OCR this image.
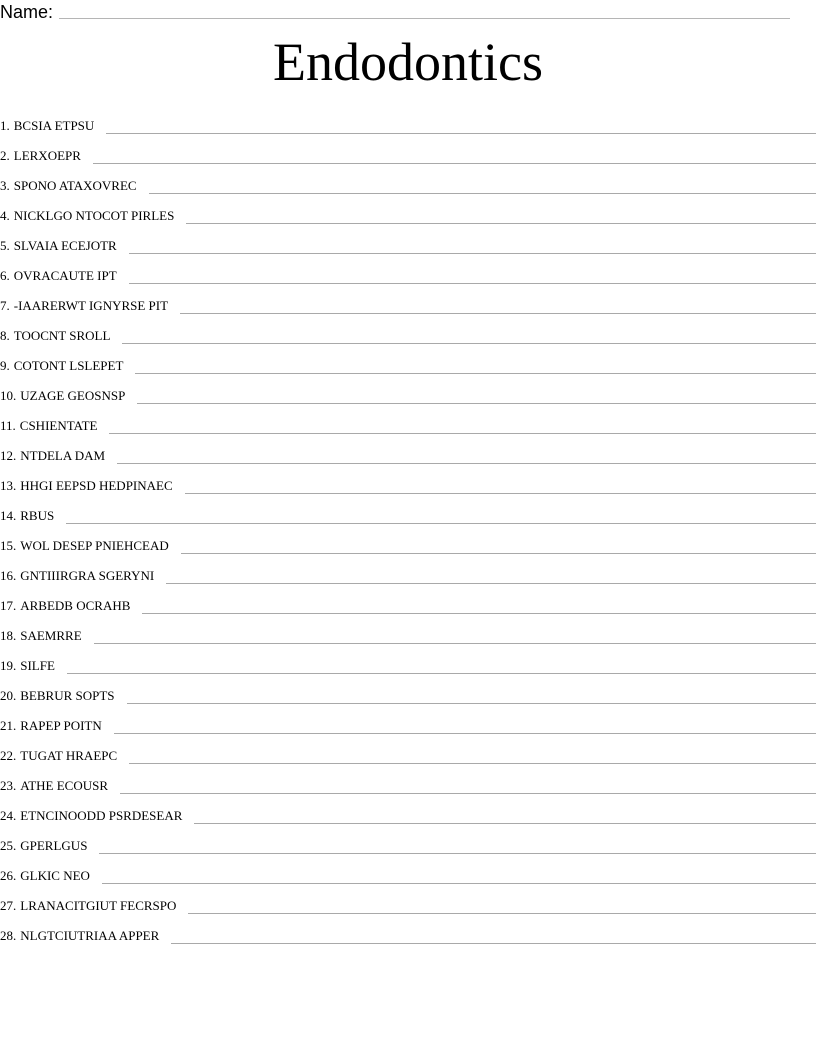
Name:
Endodontics
1. BCSIA ETPSU
2. LERXOEPR
3. SPONO ATAXOVREC
4. NICKLGO NTOCOT PIRLES
5. SLVAIA ECEJOTR
6. OVRACAUTE IPT
7. -IAARERWT IGNYRSE PIT
8. TOOCNT SROLL
9. COTONT LSLEPET
10. UZAGE GEOSNSP
11. CSHIENTATE
12. NTDELA DAM
13. HHGI EEPSD HEDPINAEC
14. RBUS
15. WOL DESEP PNIEHCEAD
16. GNTIIIRGRA SGERYNI
17. ARBEDB OCRAHB
18. SAEMRRE
19. SILFE
20. BEBRUR SOPTS
21. RAPEP POITN
22. TUGAT HRAEPC
23. ATHE ECOUSR
24. ETNCINOODD PSRDESEAR
25. GPERLGUS
26. GLKIC NEO
27. LRANACITGIUT FECRSPO
28. NLGTCIUTRIAA APPER
